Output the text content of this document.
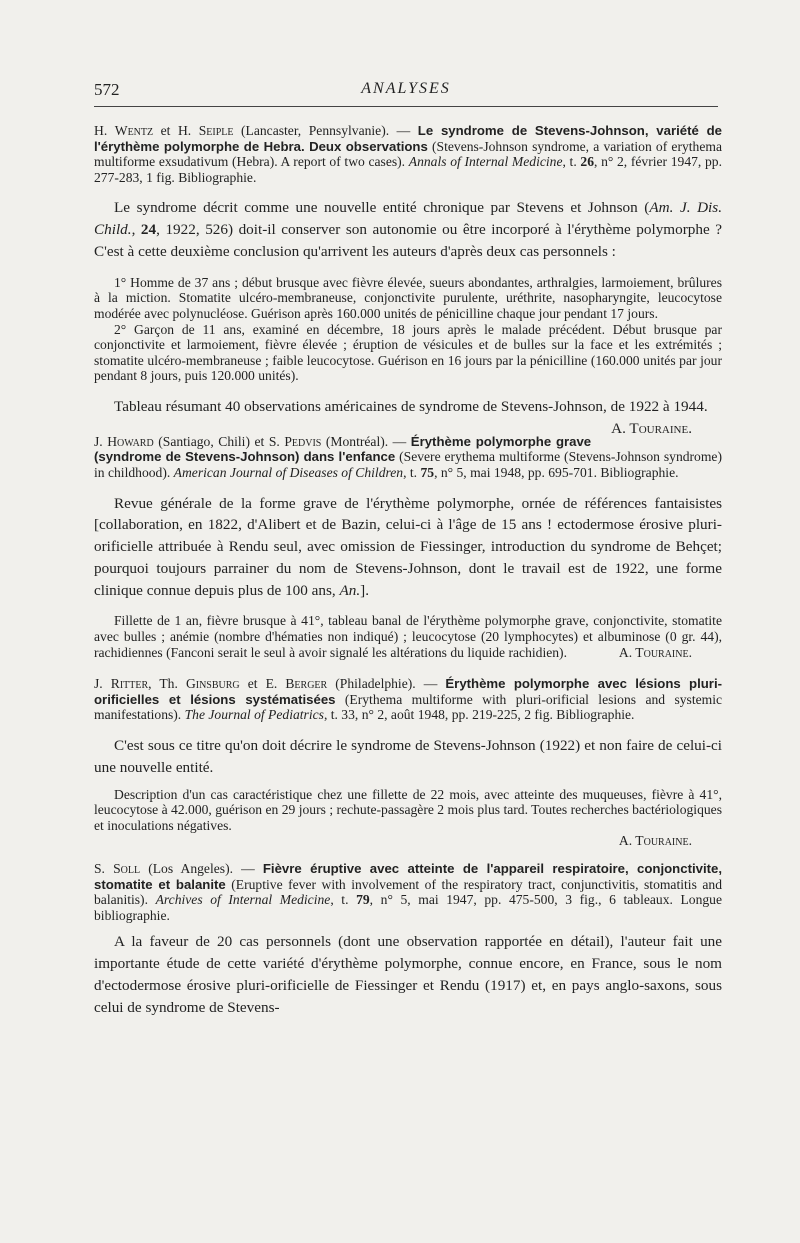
572	ANALYSES

H. Wentz et H. Seiple (Lancaster, Pennsylvanie). — Le syndrome de Stevens-Johnson, variété de l'érythème polymorphe de Hebra. Deux observations (Stevens-Johnson syndrome, a variation of erythema multiforme exsudativum (Hebra). A report of two cases). Annals of Internal Medicine, t. 26, n° 2, février 1947, pp. 277-283, 1 fig. Bibliographie.

Le syndrome décrit comme une nouvelle entité chronique par Stevens et Johnson (Am. J. Dis. Child., 24, 1922, 526) doit-il conserver son autonomie ou être incorporé à l'érythème polymorphe ? C'est à cette deuxième conclusion qu'arrivent les auteurs d'après deux cas personnels :

1° Homme de 37 ans ; début brusque avec fièvre élevée, sueurs abondantes, arthralgies, larmoiement, brûlures à la miction. Stomatite ulcéro-membraneuse, conjonctivite purulente, uréthrite, nasopharyngite, leucocytose modérée avec polynucléose. Guérison après 160.000 unités de pénicilline chaque jour pendant 17 jours.

2° Garçon de 11 ans, examiné en décembre, 18 jours après le malade précédent. Début brusque par conjonctivite et larmoiement, fièvre élevée ; éruption de vésicules et de bulles sur la face et les extrémités ; stomatite ulcéro-membraneuse ; faible leucocytose. Guérison en 16 jours par la pénicilline (160.000 unités par jour pendant 8 jours, puis 120.000 unités).

Tableau résumant 40 observations américaines de syndrome de Stevens-Johnson, de 1922 à 1944.
A. Touraine.

J. Howard (Santiago, Chili) et S. Pedvis (Montréal). — Érythème polymorphe grave (syndrome de Stevens-Johnson) dans l'enfance (Severe erythema multiforme (Stevens-Johnson syndrome) in childhood). American Journal of Diseases of Children, t. 75, n° 5, mai 1948, pp. 695-701. Bibliographie.

Revue générale de la forme grave de l'érythème polymorphe, ornée de références fantaisistes [collaboration, en 1822, d'Alibert et de Bazin, celui-ci à l'âge de 15 ans ! ectodermose érosive pluri-orificielle attribuée à Rendu seul, avec omission de Fiessinger, introduction du syndrome de Behçet; pourquoi toujours parrainer du nom de Stevens-Johnson, dont le travail est de 1922, une forme clinique connue depuis plus de 100 ans, An.].

Fillette de 1 an, fièvre brusque à 41°, tableau banal de l'érythème polymorphe grave, conjonctivite, stomatite avec bulles ; anémie (nombre d'hématies non indiqué) ; leucocytose (20 lymphocytes) et albuminose (0 gr. 44), rachidiennes (Fanconi serait le seul à avoir signalé les altérations du liquide rachidien).	A. Touraine.

J. Ritter, Th. Ginsburg et E. Berger (Philadelphie). — Érythème polymorphe avec lésions pluri-orificielles et lésions systématisées (Erythema multiforme with pluri-orificial lesions and systemic manifestations). The Journal of Pediatrics, t. 33, n° 2, août 1948, pp. 219-225, 2 fig. Bibliographie.

C'est sous ce titre qu'on doit décrire le syndrome de Stevens-Johnson (1922) et non faire de celui-ci une nouvelle entité.

Description d'un cas caractéristique chez une fillette de 22 mois, avec atteinte des muqueuses, fièvre à 41°, leucocytose à 42.000, guérison en 29 jours ; rechute-passagère 2 mois plus tard. Toutes recherches bactériologiques et inoculations négatives.

A. Touraine.

S. Soll (Los Angeles). — Fièvre éruptive avec atteinte de l'appareil respiratoire, conjonctivite, stomatite et balanite (Eruptive fever with involvement of the respiratory tract, conjunctivitis, stomatitis and balanitis). Archives of Internal Medicine, t. 79, n° 5, mai 1947, pp. 475-500, 3 fig., 6 tableaux. Longue bibliographie.

A la faveur de 20 cas personnels (dont une observation rapportée en détail), l'auteur fait une importante étude de cette variété d'érythème polymorphe, connue encore, en France, sous le nom d'ectodermose érosive pluri-orificielle de Fiessinger et Rendu (1917) et, en pays anglo-saxons, sous celui de syndrome de Stevens-
